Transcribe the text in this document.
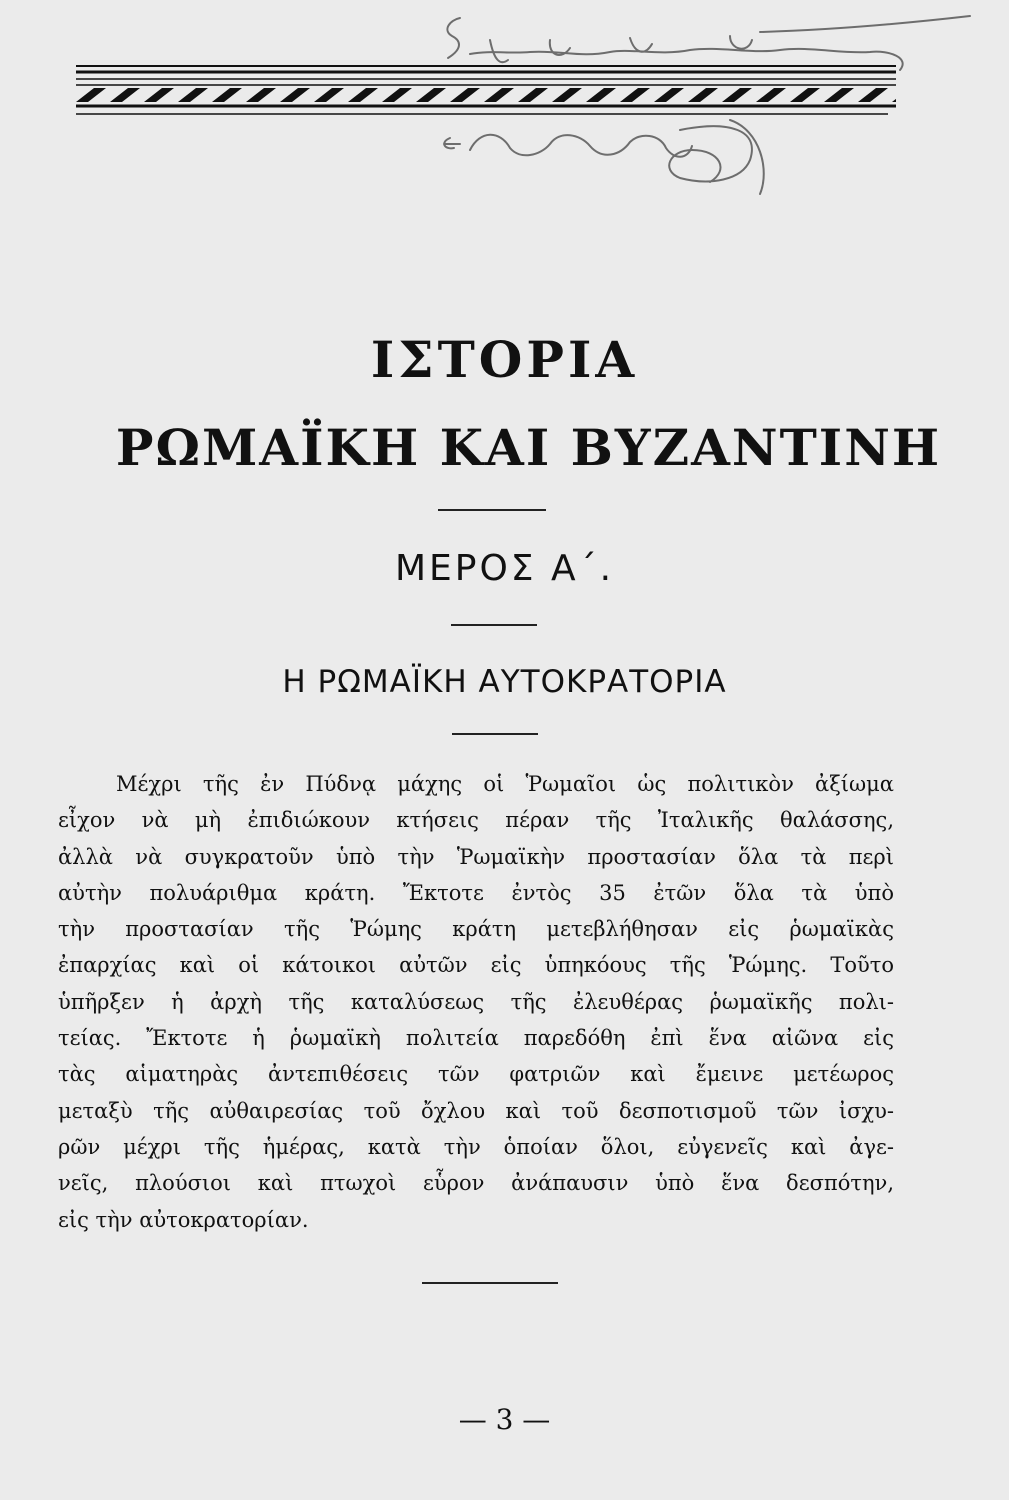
ΙΣΤΟΡΙΑ
ΡΩΜΑΪΚΗ ΚΑΙ ΒΥΖΑΝΤΙΝΗ
ΜΕΡΟΣ Α΄.
Η ΡΩΜΑΪΚΗ ΑΥΤΟΚΡΑΤΟΡΙΑ
Μέχρι τῆς ἐν Πύδνᾳ μάχης οἱ Ῥωμαῖοι ὡς πολιτικὸν ἀξίωμα
εἶχον νὰ μὴ ἐπιδιώκουν κτήσεις πέραν τῆς Ἰταλικῆς θαλάσσης,
ἀλλὰ νὰ συγκρατοῦν ὑπὸ τὴν Ῥωμαϊκὴν προστασίαν ὅλα τὰ περὶ
αὐτὴν πολυάριθμα κράτη. Ἔκτοτε ἐντὸς 35 ἐτῶν ὅλα τὰ ὑπὸ
τὴν προστασίαν τῆς Ῥώμης κράτη μετεβλήθησαν εἰς ῥωμαϊκὰς
ἐπαρχίας καὶ οἱ κάτοικοι αὐτῶν εἰς ὑπηκόους τῆς Ῥώμης. Τοῦτο
ὑπῆρξεν ἡ ἀρχὴ τῆς καταλύσεως τῆς ἐλευθέρας ῥωμαϊκῆς πολι-
τείας. Ἔκτοτε ἡ ῥωμαϊκὴ πολιτεία παρεδόθη ἐπὶ ἕνα αἰῶνα εἰς
τὰς αἱματηρὰς ἀντεπιθέσεις τῶν φατριῶν καὶ ἔμεινε μετέωρος
μεταξὺ τῆς αὐθαιρεσίας τοῦ ὄχλου καὶ τοῦ δεσποτισμοῦ τῶν ἰσχυ-
ρῶν μέχρι τῆς ἡμέρας, κατὰ τὴν ὁποίαν ὅλοι, εὐγενεῖς καὶ ἀγε-
νεῖς, πλούσιοι καὶ πτωχοὶ εὗρον ἀνάπαυσιν ὑπὸ ἕνα δεσπότην,
εἰς τὴν αὐτοκρατορίαν.
— 3 —
